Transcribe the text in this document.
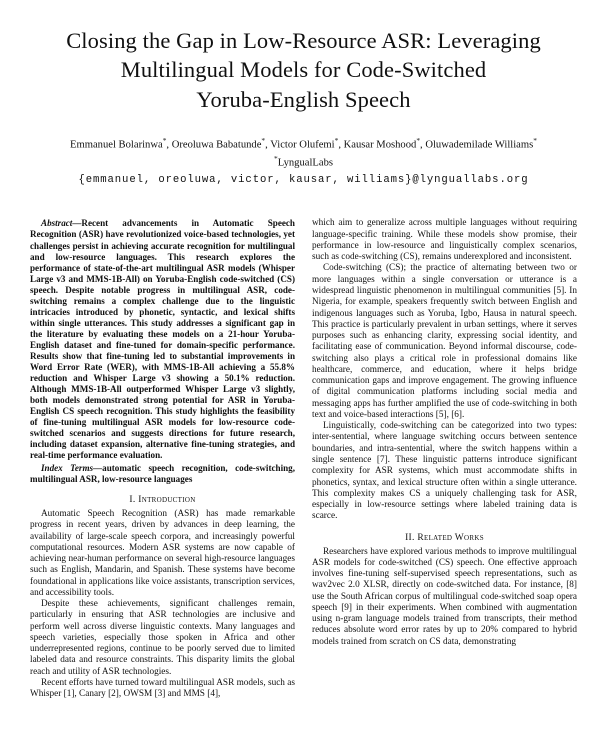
Closing the Gap in Low-Resource ASR: Leveraging
Multilingual Models for Code-Switched
Yoruba-English Speech
Emmanuel Bolarinwa*, Oreoluwa Babatunde*, Victor Olufemi*, Kausar Moshood*, Oluwademilade Williams*
*LyngualLabs
{emmanuel, oreoluwa, victor, kausar, williams}@lynguallabs.org

Abstract—Recent advancements in Automatic Speech Recognition (ASR) have revolutionized voice-based technologies, yet challenges persist in achieving accurate recognition for multilingual and low-resource languages. This research explores the performance of state-of-the-art multilingual ASR models (Whisper Large v3 and MMS-1B-All) on Yoruba-English code-switched (CS) speech. Despite notable progress in multilingual ASR, code-switching remains a complex challenge due to the linguistic intricacies introduced by phonetic, syntactic, and lexical shifts within single utterances. This study addresses a significant gap in the literature by evaluating these models on a 21-hour Yoruba-English dataset and fine-tuned for domain-specific performance. Results show that fine-tuning led to substantial improvements in Word Error Rate (WER), with MMS-1B-All achieving a 55.8% reduction and Whisper Large v3 showing a 50.1% reduction. Although MMS-1B-All outperformed Whisper Large v3 slightly, both models demonstrated strong potential for ASR in Yoruba-English CS speech recognition. This study highlights the feasibility of fine-tuning multilingual ASR models for low-resource code-switched scenarios and suggests directions for future research, including dataset expansion, alternative fine-tuning strategies, and real-time performance evaluation.

Index Terms—automatic speech recognition, code-switching, multilingual ASR, low-resource languages

I. Introduction

Automatic Speech Recognition (ASR) has made remarkable progress in recent years, driven by advances in deep learning, the availability of large-scale speech corpora, and increasingly powerful computational resources. Modern ASR systems are now capable of achieving near-human performance on several high-resource languages such as English, Mandarin, and Spanish. These systems have become foundational in applications like voice assistants, transcription services, and accessibility tools.

Despite these achievements, significant challenges remain, particularly in ensuring that ASR technologies are inclusive and perform well across diverse linguistic contexts. Many languages and speech varieties, especially those spoken in Africa and other underrepresented regions, continue to be poorly served due to limited labeled data and resource constraints. This disparity limits the global reach and utility of ASR technologies.

Recent efforts have turned toward multilingual ASR models, such as Whisper [1], Canary [2], OWSM [3] and MMS [4],

which aim to generalize across multiple languages without requiring language-specific training. While these models show promise, their performance in low-resource and linguistically complex scenarios, such as code-switching (CS), remains underexplored and inconsistent.

Code-switching (CS); the practice of alternating between two or more languages within a single conversation or utterance is a widespread linguistic phenomenon in multilingual communities [5]. In Nigeria, for example, speakers frequently switch between English and indigenous languages such as Yoruba, Igbo, Hausa in natural speech. This practice is particularly prevalent in urban settings, where it serves purposes such as enhancing clarity, expressing social identity, and facilitating ease of communication. Beyond informal discourse, code-switching also plays a critical role in professional domains like healthcare, commerce, and education, where it helps bridge communication gaps and improve engagement. The growing influence of digital communication platforms including social media and messaging apps has further amplified the use of code-switching in both text and voice-based interactions [5], [6].

Linguistically, code-switching can be categorized into two types: inter-sentential, where language switching occurs between sentence boundaries, and intra-sentential, where the switch happens within a single sentence [7]. These linguistic patterns introduce significant complexity for ASR systems, which must accommodate shifts in phonetics, syntax, and lexical structure often within a single utterance. This complexity makes CS a uniquely challenging task for ASR, especially in low-resource settings where labeled training data is scarce.

II. Related Works

Researchers have explored various methods to improve multilingual ASR models for code-switched (CS) speech. One effective approach involves fine-tuning self-supervised speech representations, such as wav2vec 2.0 XLSR, directly on code-switched data. For instance, [8] use the South African corpus of multilingual code-switched soap opera speech [9] in their experiments. When combined with augmentation using n-gram language models trained from transcripts, their method reduces absolute word error rates by up to 20% compared to hybrid models trained from scratch on CS data, demonstrating
